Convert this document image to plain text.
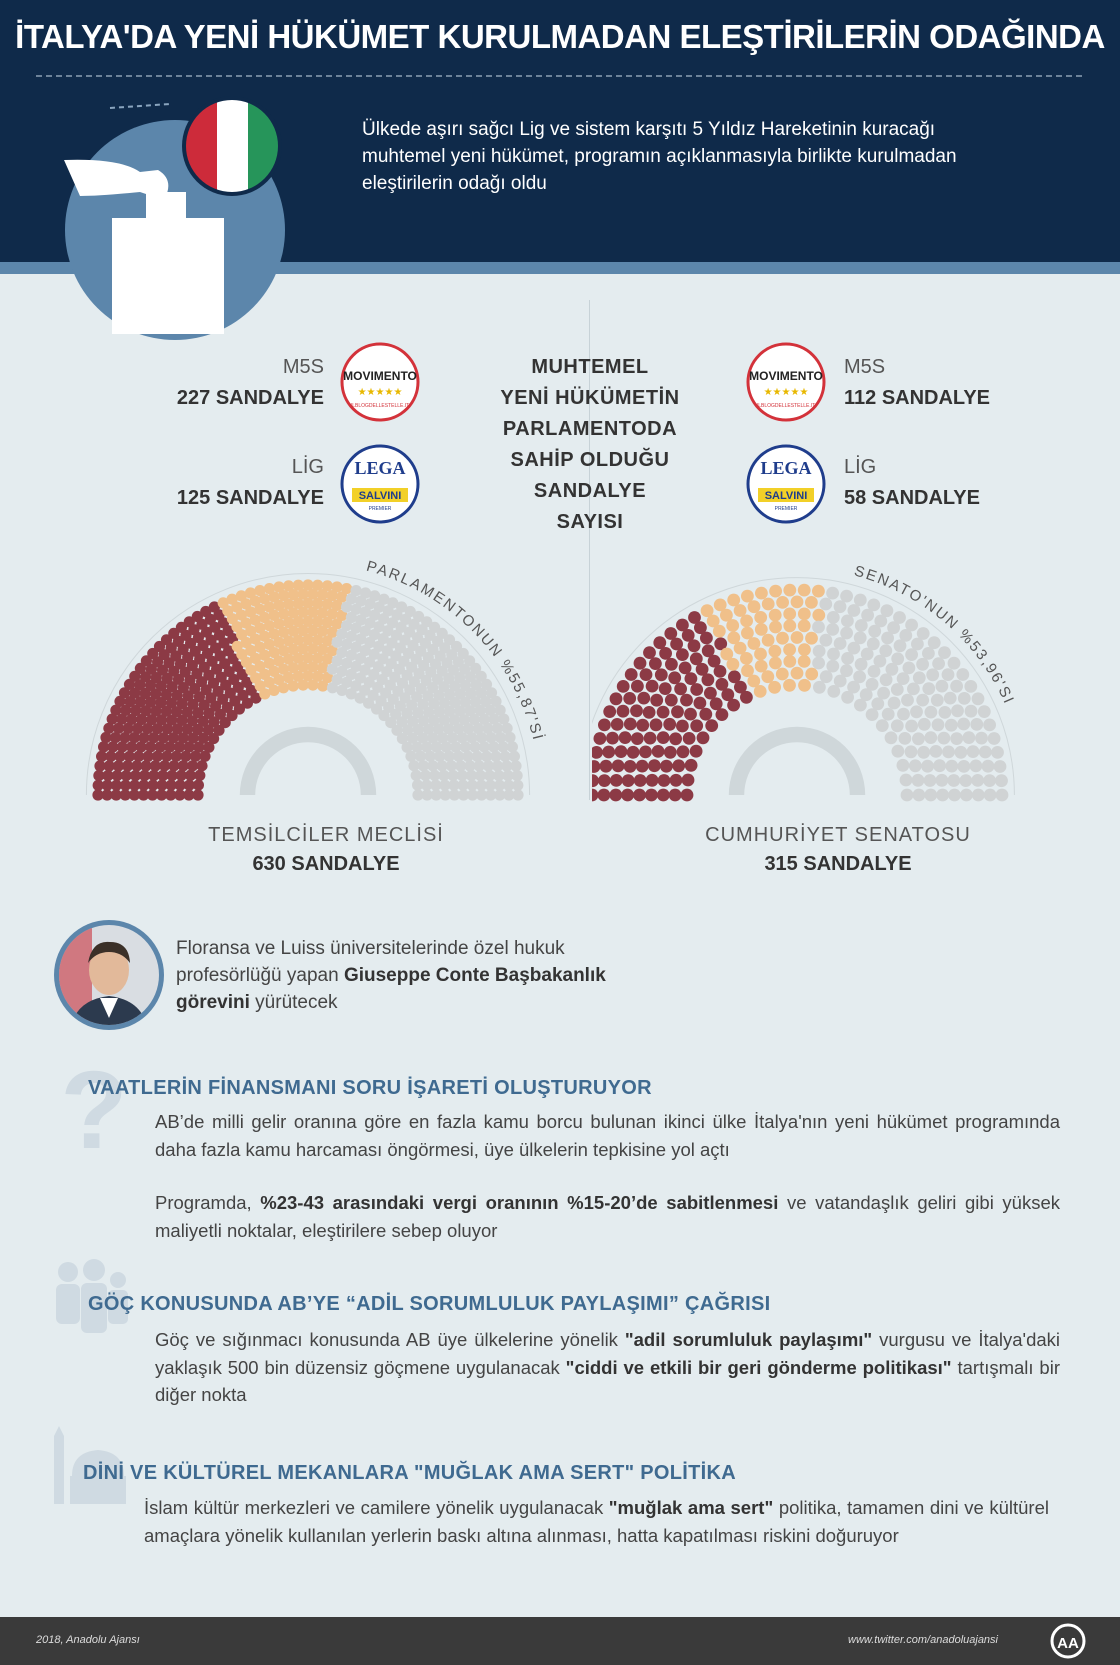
İTALYA'DA YENİ HÜKÜMET KURULMADAN ELEŞTİRİLERİN ODAĞINDA
Ülkede aşırı sağcı Lig ve sistem karşıtı 5 Yıldız Hareketinin kuracağı muhtemel yeni hükümet, programın açıklanmasıyla birlikte kurulmadan eleştirilerin odağı oldu
M5S
227 SANDALYE
LİG
125 SANDALYE
M5S
112 SANDALYE
LİG
58 SANDALYE
MOVIMENTO
★★★★★
ILBLOGDELLESTELLE.IT
LEGA
SALVINI
PREMIER
MOVIMENTO
★★★★★
ILBLOGDELLESTELLE.IT
LEGA
SALVINI
PREMIER
MUHTEMEL
YENİ HÜKÜMETİN
PARLAMENTODA
SAHİP OLDUĞU
SANDALYE
SAYISI
PARLAMENTONUN %55,87'Sİ
SENATO'NUN %53,96'SI
TEMSİLCİLER MECLİSİ
630 SANDALYE
CUMHURİYET SENATOSU
315 SANDALYE
Floransa ve Luiss üniversitelerinde özel hukuk profesörlüğü yapan Giuseppe Conte Başbakanlık görevini yürütecek
?
VAATLERİN FİNANSMANI SORU İŞARETİ OLUŞTURUYOR
AB’de milli gelir oranına göre en fazla kamu borcu bulunan ikinci ülke İtalya'nın yeni hükümet programında daha fazla kamu harcaması öngörmesi, üye ülkelerin tepkisine yol açtı
Programda, %23-43 arasındaki vergi oranının %15-20’de sabitlenmesi ve vatandaşlık geliri gibi yüksek maliyetli noktalar, eleştirilere sebep oluyor
GÖÇ KONUSUNDA AB’YE “ADİL SORUMLULUK PAYLAŞIMI” ÇAĞRISI
Göç ve sığınmacı konusunda AB üye ülkelerine yönelik "adil sorumluluk paylaşımı" vurgusu ve İtalya'daki yaklaşık 500 bin düzensiz göçmene uygulanacak "ciddi ve etkili bir geri gönderme politikası" tartışmalı bir diğer nokta
DİNİ VE KÜLTÜREL MEKANLARA "MUĞLAK AMA SERT" POLİTİKA
İslam kültür merkezleri ve camilere yönelik uygulanacak "muğlak ama sert" politika, tamamen dini ve kültürel amaçlara yönelik kullanılan yerlerin baskı altına alınması, hatta kapatılması riskini doğuruyor
2018, Anadolu Ajansı	www.twitter.com/anadoluajansi	AA
